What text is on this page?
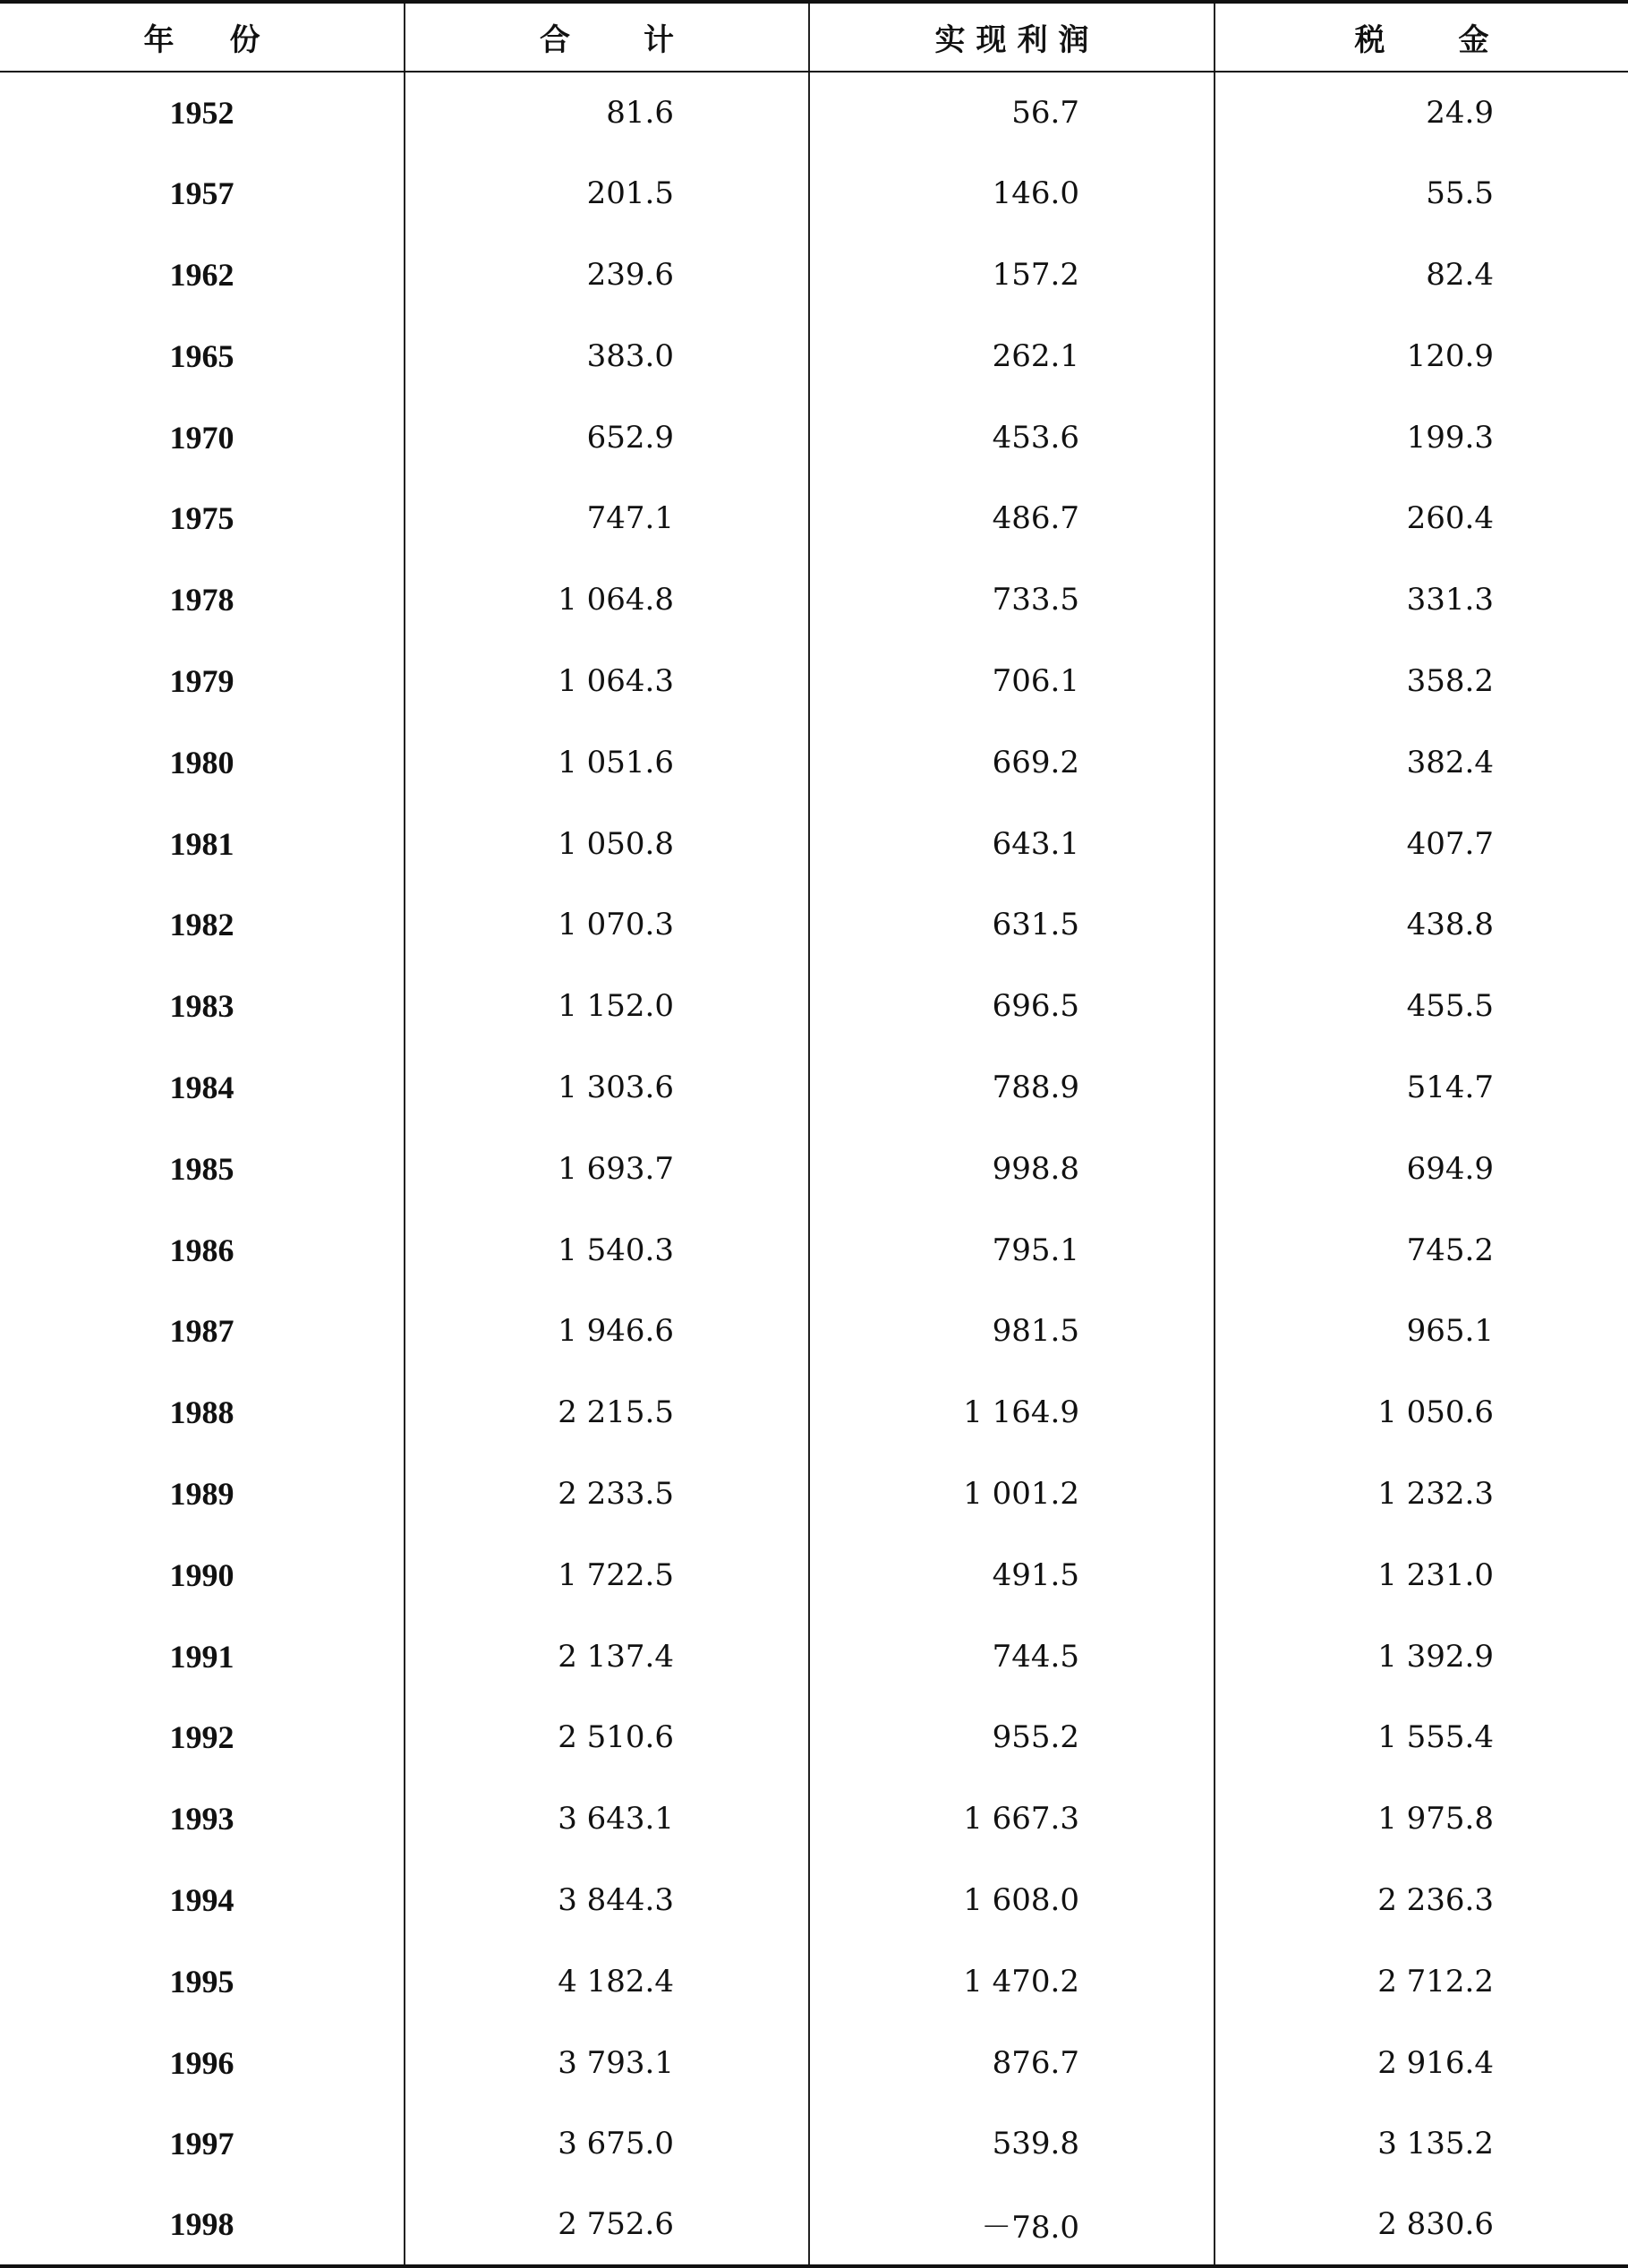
年份	合计	实现利润	税金
1952	81.6	56.7	24.9
1957	201.5	146.0	55.5
1962	239.6	157.2	82.4
1965	383.0	262.1	120.9
1970	652.9	453.6	199.3
1975	747.1	486.7	260.4
1978	1 064.8	733.5	331.3
1979	1 064.3	706.1	358.2
1980	1 051.6	669.2	382.4
1981	1 050.8	643.1	407.7
1982	1 070.3	631.5	438.8
1983	1 152.0	696.5	455.5
1984	1 303.6	788.9	514.7
1985	1 693.7	998.8	694.9
1986	1 540.3	795.1	745.2
1987	1 946.6	981.5	965.1
1988	2 215.5	1 164.9	1 050.6
1989	2 233.5	1 001.2	1 232.3
1990	1 722.5	491.5	1 231.0
1991	2 137.4	744.5	1 392.9
1992	2 510.6	955.2	1 555.4
1993	3 643.1	1 667.3	1 975.8
1994	3 844.3	1 608.0	2 236.3
1995	4 182.4	1 470.2	2 712.2
1996	3 793.1	876.7	2 916.4
1997	3 675.0	539.8	3 135.2
1998	2 752.6	－78.0	2 830.6
